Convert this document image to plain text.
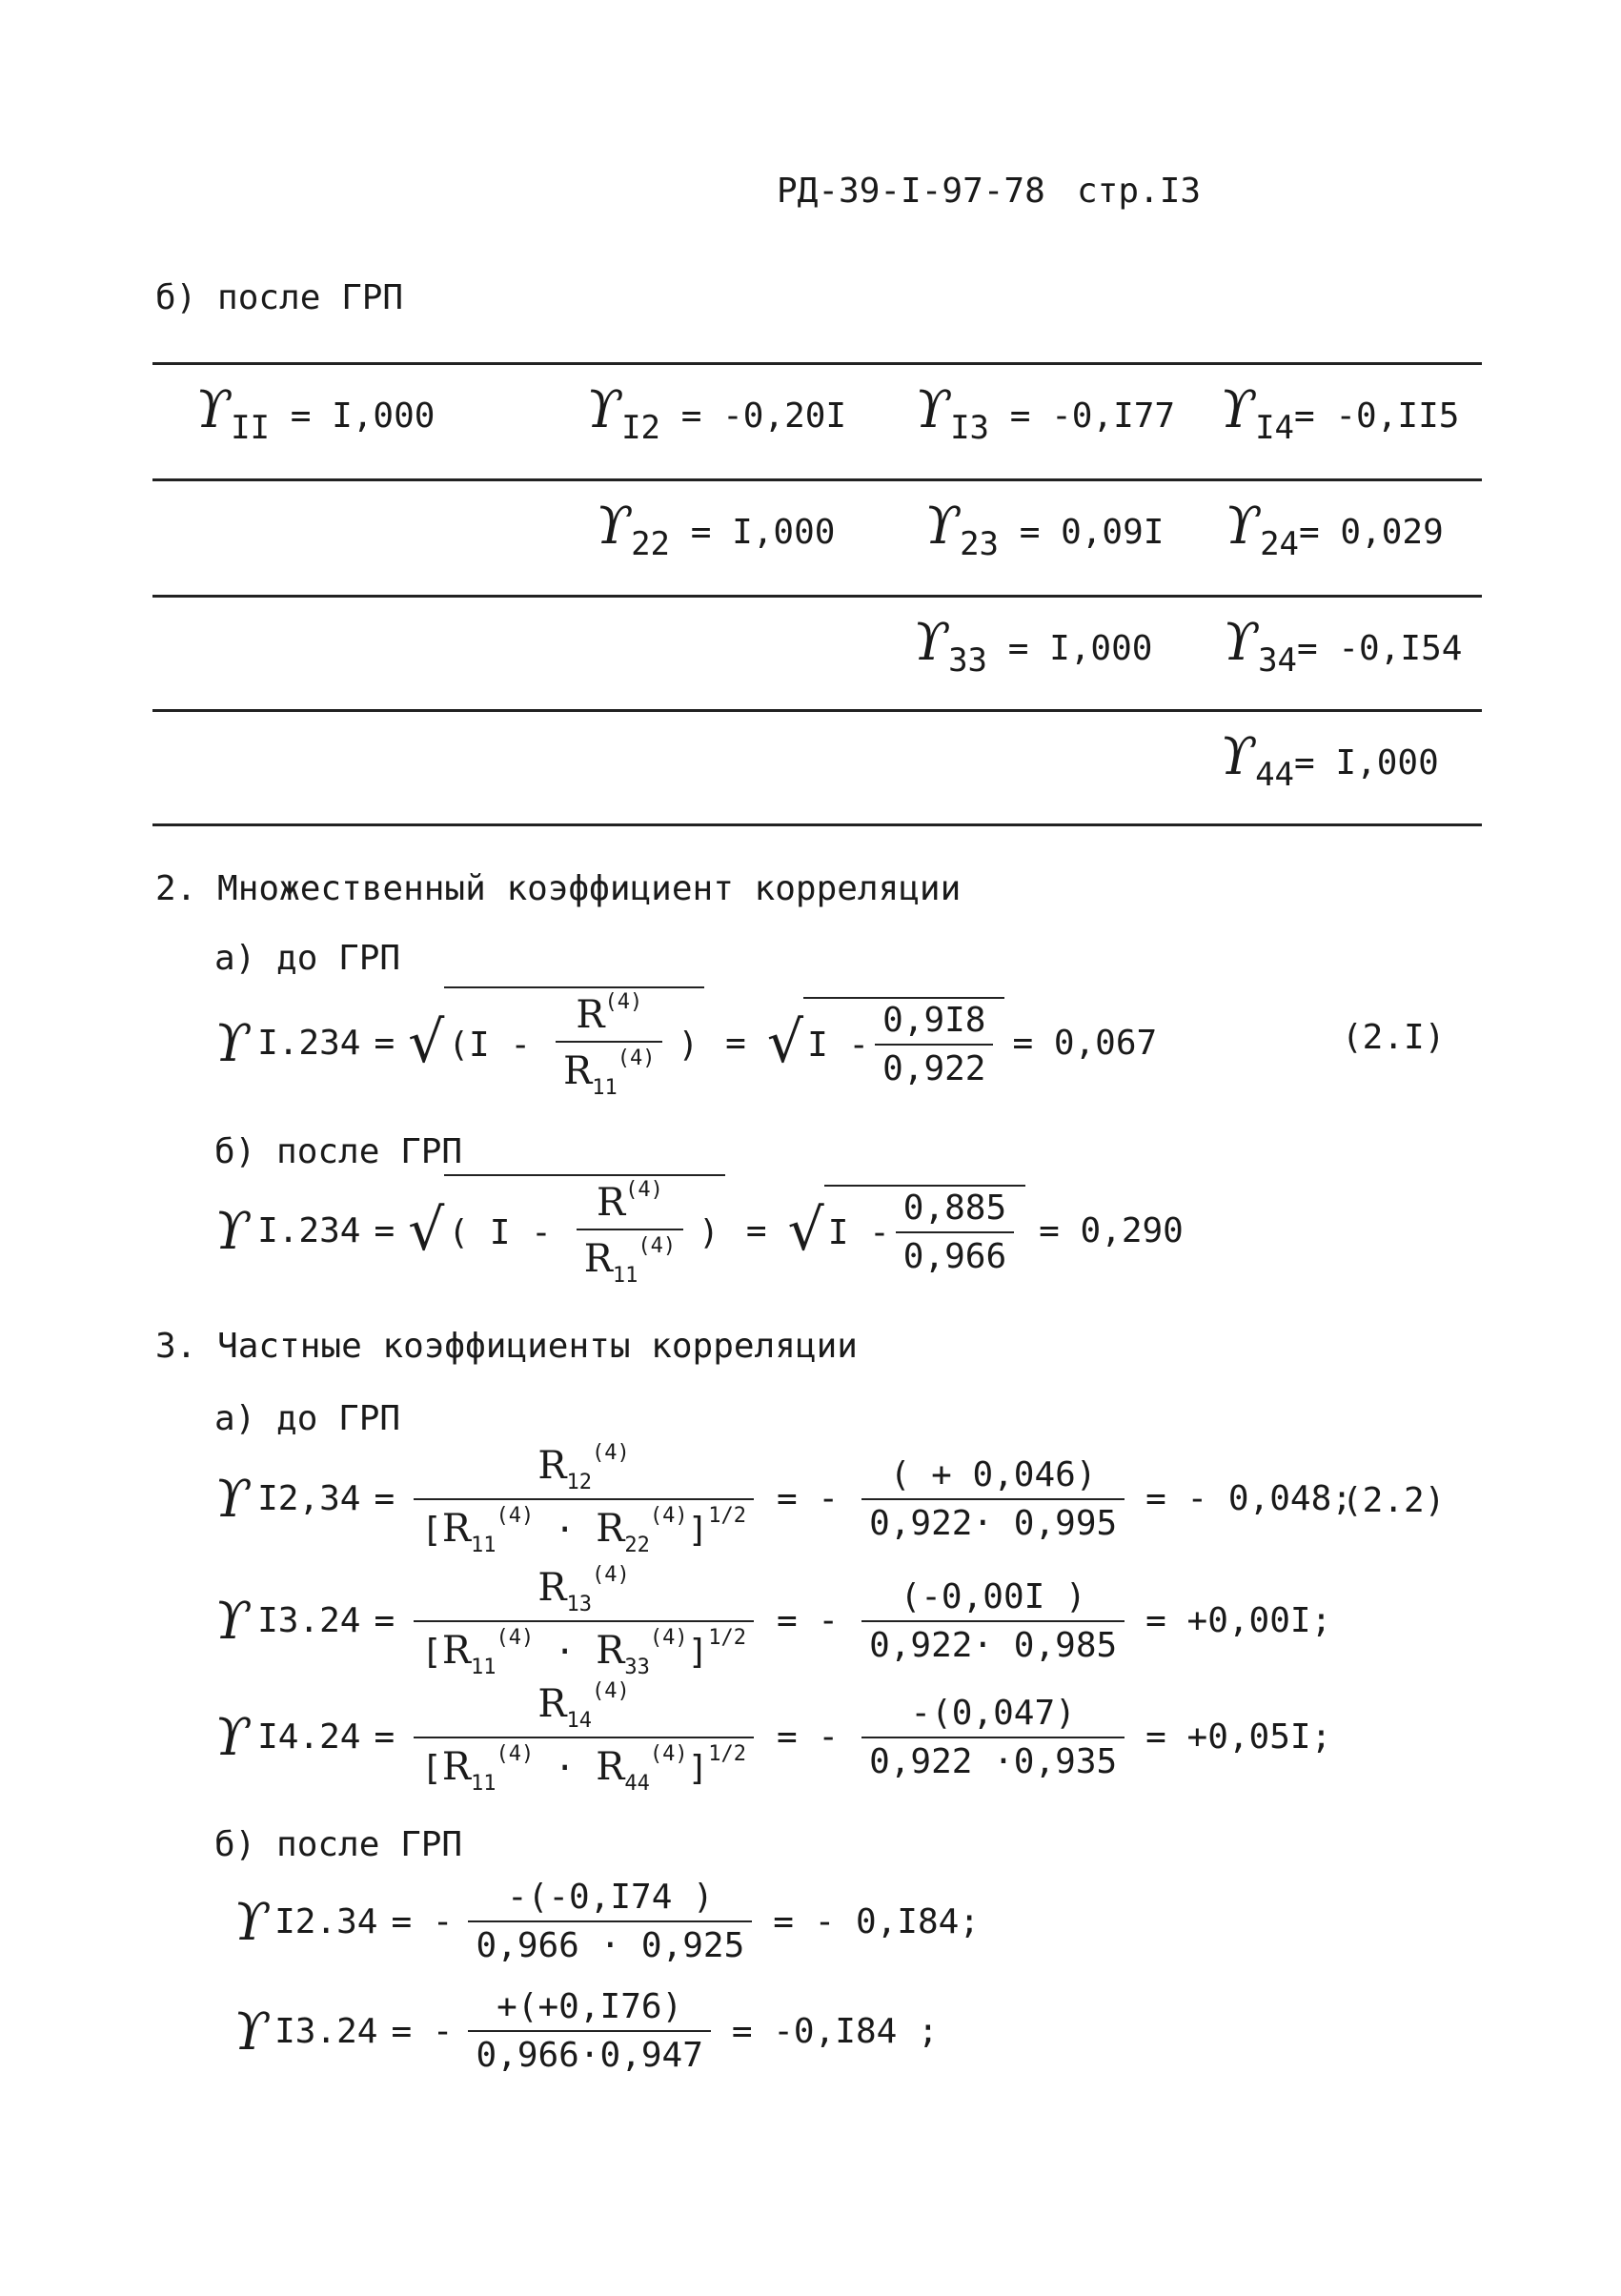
РД-39-I-97-78 стр.I3
б) после ГРП
ϒII = I,000	ϒI2 = -0,20I ϒI3 = -0,I77 ϒI4= -0,II5
ϒ22 = I,000 ϒ23 = 0,09I ϒ24= 0,029
ϒ33 = I,000 ϒ34= -0,I54
ϒ44= I,000
2. Множественный коэффициент корреляции
а) до ГРП
ϒ I.234 = √ ($I - \frac{R^{(4)}}{R_{11}^{(4)}}$ ) = √ $I - \frac{0,9I8}{0,922} = 0,067$	(2.I)
б) после ГРП
ϒ I.234 = √ ( I - $\frac{R^{(4)}}{R_{11}^{(4)}}$ ) = √ $I - \frac{0,885}{0,966} = 0,290$
3. Частные коэффициенты корреляции
а) до ГРП
ϒ $I2,34 = \frac{R_{12}^{(4)}}{[R_{11}^{(4)} \cdot R_{22}^{(4)}]^{1/2}}$ = - $\frac{( + 0,046)}{0,922\cdot 0,995}$ = - 0,048;
(2.2)
ϒ $I3.24 = \frac{R_{13}^{(4)}}{[R_{11}^{(4)} \cdot R_{33}^{(4)}]^{1/2}}$ = - $\frac{(-0,00I )}{0,922\cdot 0,985} = +0,00I$;
ϒ $I4.24 = \frac{R_{14}^{(4)}}{[R_{11}^{(4)} \cdot R_{44}^{(4)}]^{1/2}}$ = - $\frac{-(0,047)}{0,922 \cdot 0,935} = +0,05I$;
б) после ГРП
ϒ I2.34 = - $\frac{-(-0,I74 )}{0,966 \cdot 0,925}$ = - 0,I84;
ϒ I3.24 = - $\frac{+(+0,I76)}{0,966\cdot 0,947} = -0,I84$ ;
